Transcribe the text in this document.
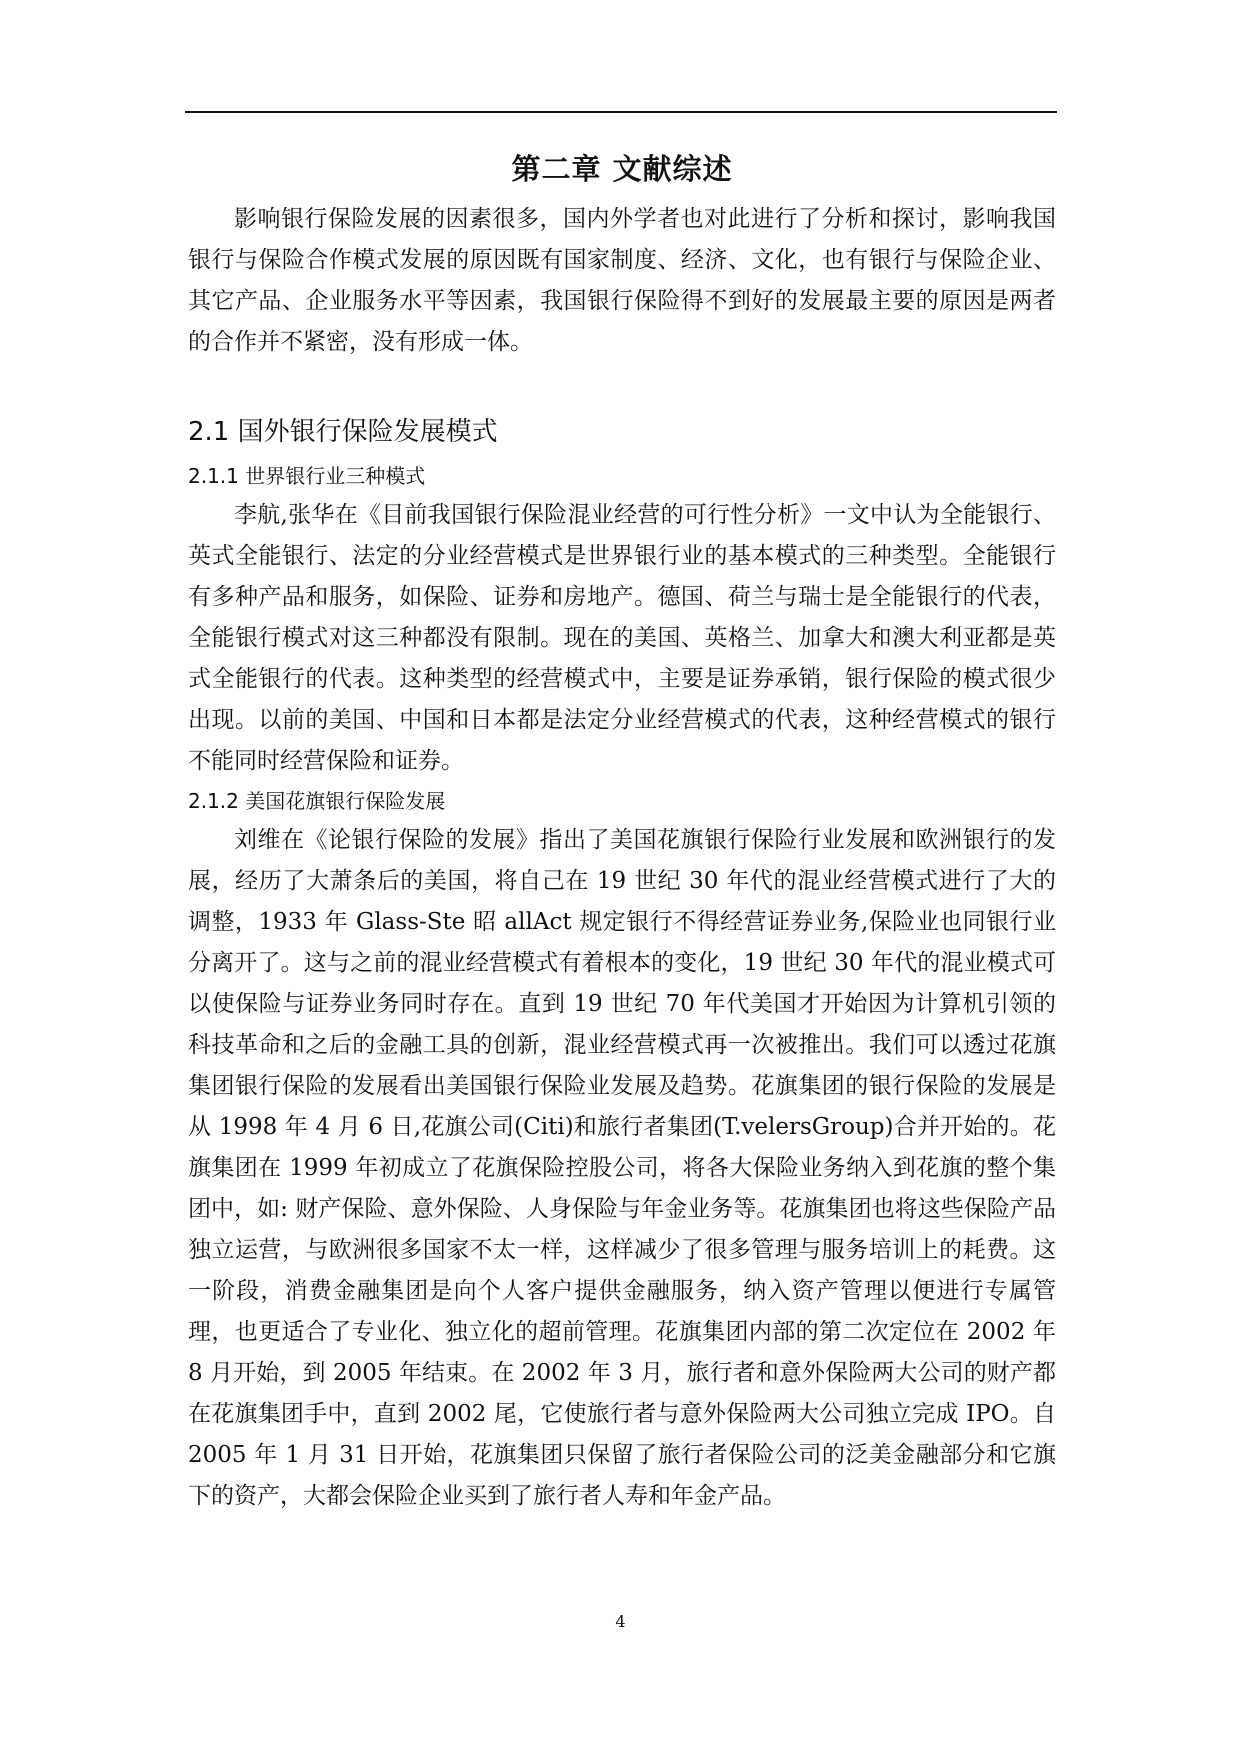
第二章 文献综述

影响银行保险发展的因素很多，国内外学者也对此进行了分析和探讨，影响我国银行与保险合作模式发展的原因既有国家制度、经济、文化，也有银行与保险企业、其它产品、企业服务水平等因素，我国银行保险得不到好的发展最主要的原因是两者的合作并不紧密，没有形成一体。

2.1 国外银行保险发展模式
2.1.1 世界银行业三种模式

李航,张华在《目前我国银行保险混业经营的可行性分析》一文中认为全能银行、英式全能银行、法定的分业经营模式是世界银行业的基本模式的三种类型。全能银行有多种产品和服务，如保险、证券和房地产。德国、荷兰与瑞士是全能银行的代表，全能银行模式对这三种都没有限制。现在的美国、英格兰、加拿大和澳大利亚都是英式全能银行的代表。这种类型的经营模式中，主要是证券承销，银行保险的模式很少出现。以前的美国、中国和日本都是法定分业经营模式的代表，这种经营模式的银行不能同时经营保险和证券。

2.1.2 美国花旗银行保险发展

刘维在《论银行保险的发展》指出了美国花旗银行保险行业发展和欧洲银行的发展，经历了大萧条后的美国，将自己在 19 世纪 30 年代的混业经营模式进行了大的调整，1933 年 Glass-Ste 昭 allAct 规定银行不得经营证券业务,保险业也同银行业分离开了。这与之前的混业经营模式有着根本的变化，19 世纪 30 年代的混业模式可以使保险与证券业务同时存在。直到 19 世纪 70 年代美国才开始因为计算机引领的科技革命和之后的金融工具的创新，混业经营模式再一次被推出。我们可以透过花旗集团银行保险的发展看出美国银行保险业发展及趋势。花旗集团的银行保险的发展是从 1998 年 4 月 6 日,花旗公司(Citi)和旅行者集团(T.velersGroup)合并开始的。花旗集团在 1999 年初成立了花旗保险控股公司，将各大保险业务纳入到花旗的整个集团中，如: 财产保险、意外保险、人身保险与年金业务等。花旗集团也将这些保险产品独立运营，与欧洲很多国家不太一样，这样减少了很多管理与服务培训上的耗费。这一阶段，消费金融集团是向个人客户提供金融服务，纳入资产管理以便进行专属管理，也更适合了专业化、独立化的超前管理。花旗集团内部的第二次定位在 2002 年 8 月开始，到 2005 年结束。在 2002 年 3 月，旅行者和意外保险两大公司的财产都在花旗集团手中，直到 2002 尾，它使旅行者与意外保险两大公司独立完成 IPO。自 2005 年 1 月 31 日开始，花旗集团只保留了旅行者保险公司的泛美金融部分和它旗下的资产，大都会保险企业买到了旅行者人寿和年金产品。

4
